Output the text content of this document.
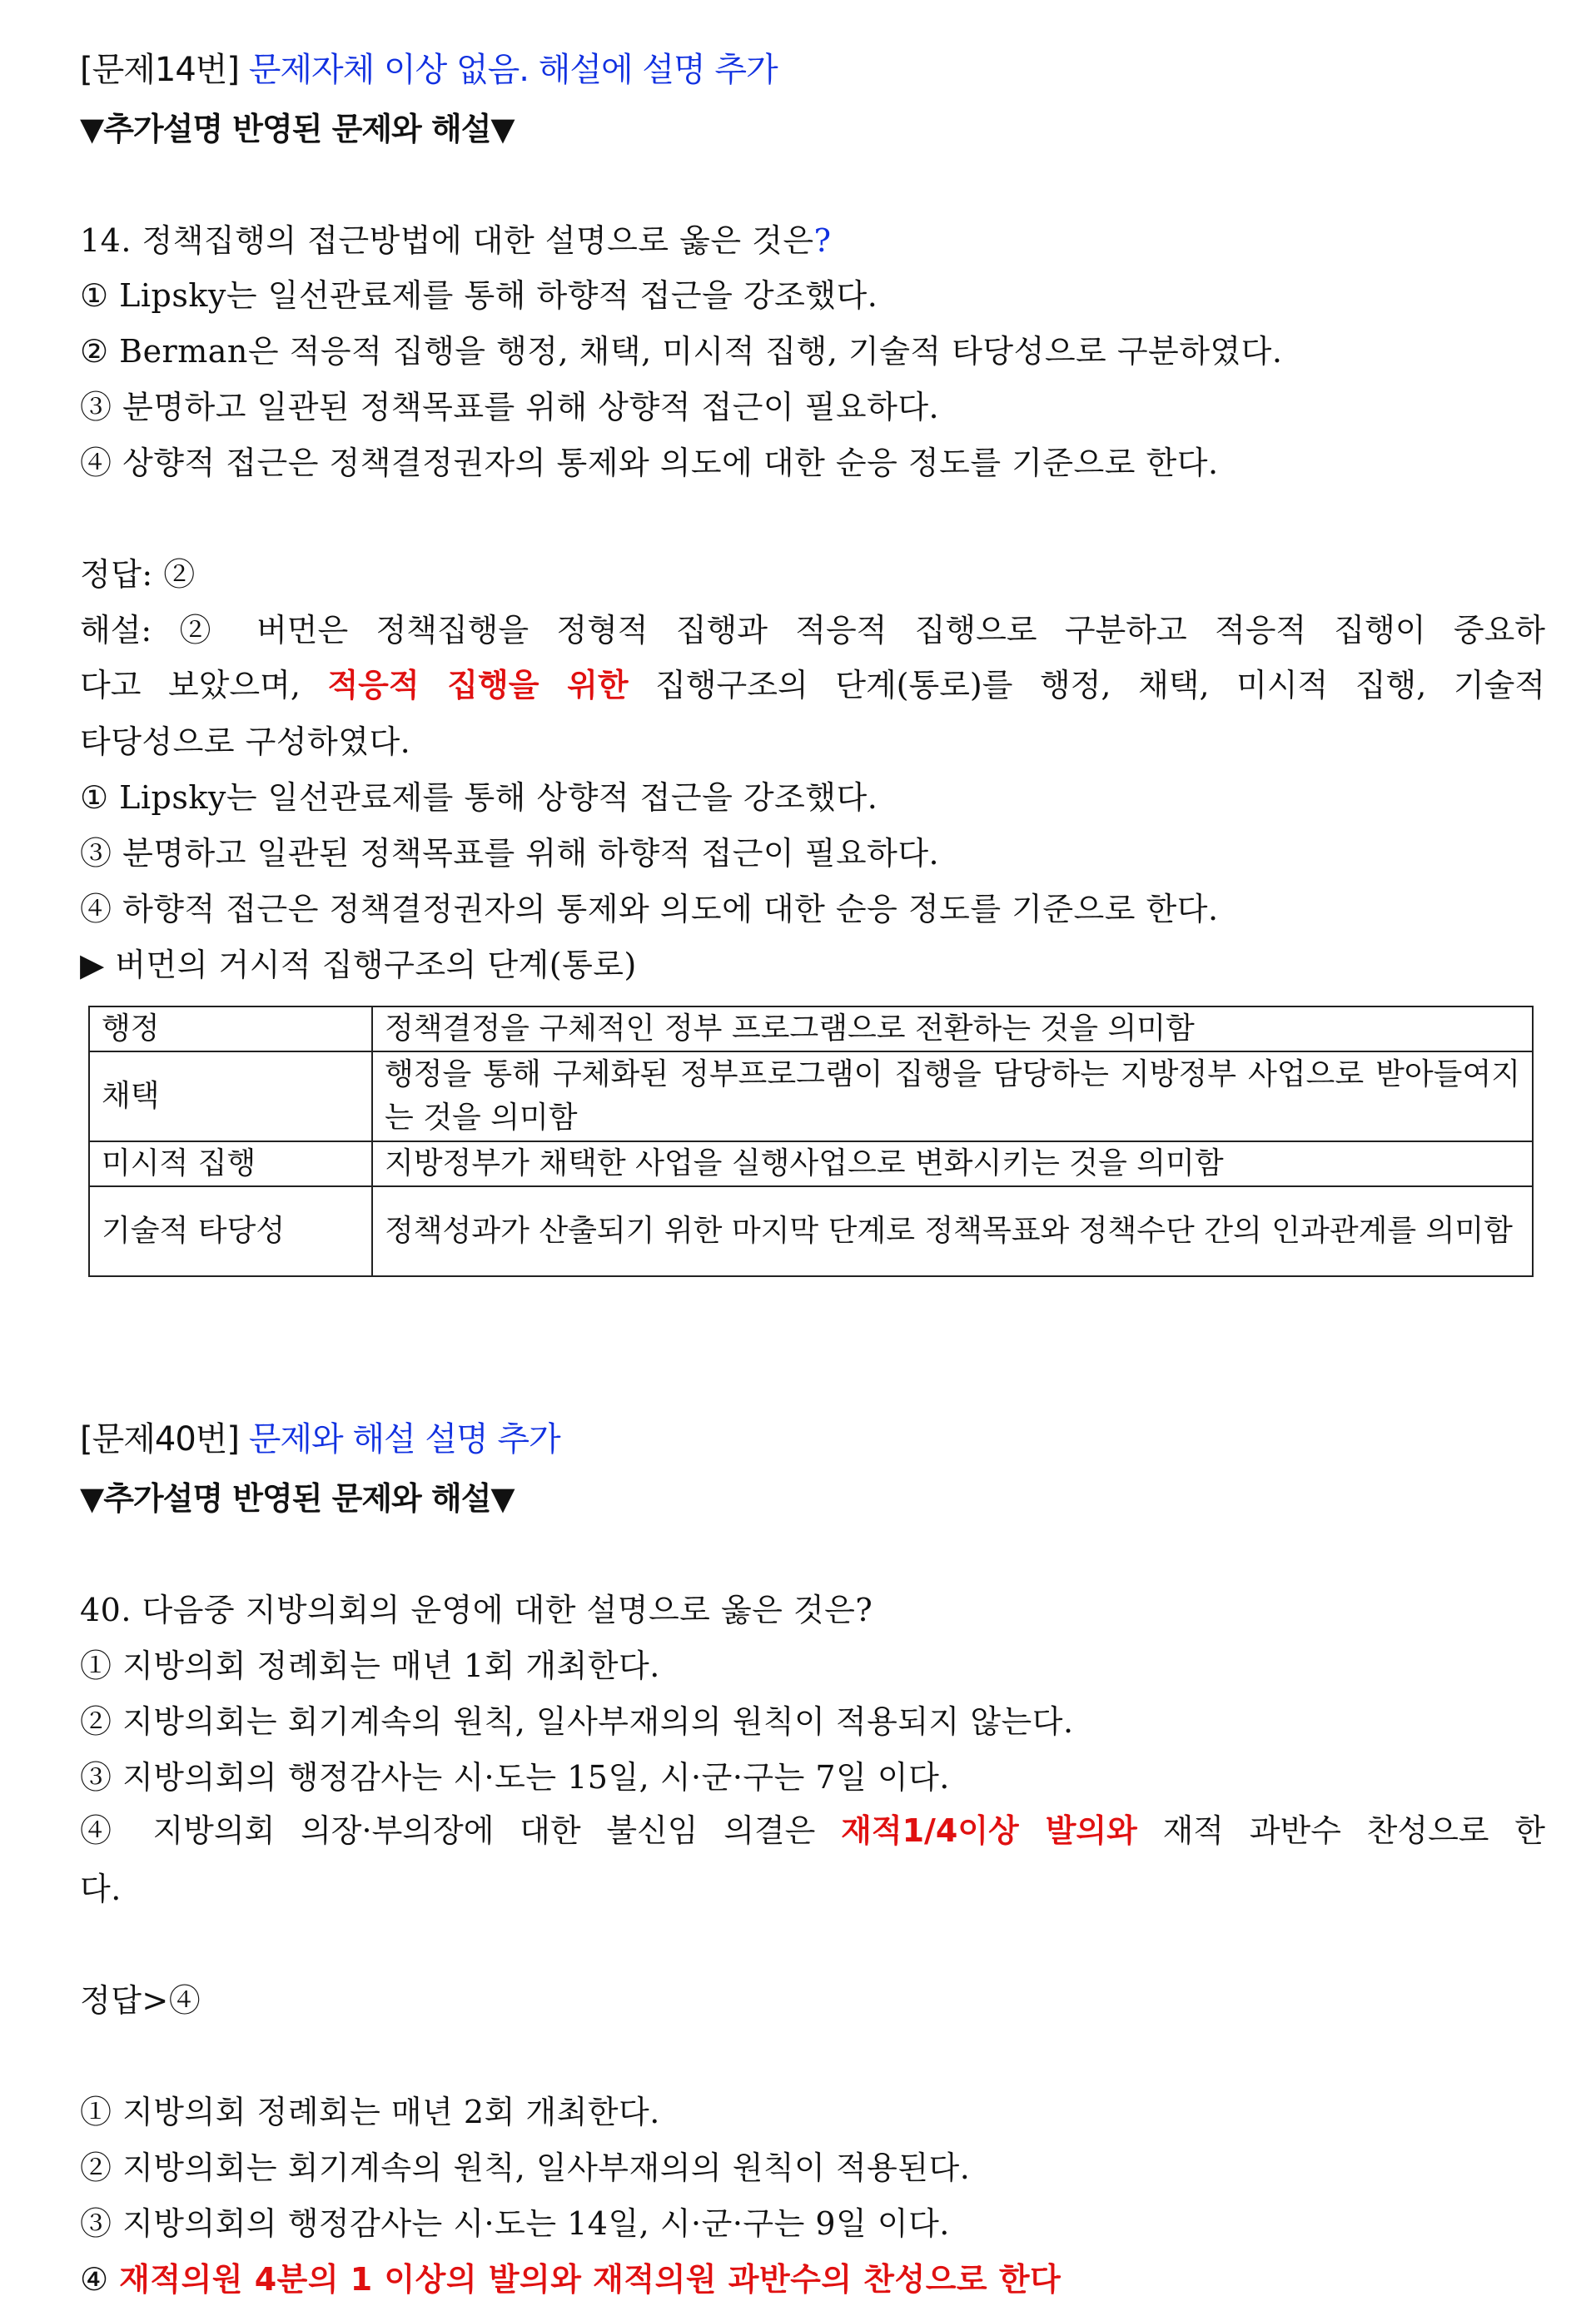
[문제14번] 문제자체 이상 없음. 해설에 설명 추가
▼추가설명 반영된 문제와 해설▼
14. 정책집행의 접근방법에 대한 설명으로 옳은 것은?
① Lipsky는 일선관료제를 통해 하향적 접근을 강조했다.
② Berman은 적응적 집행을 행정, 채택, 미시적 집행, 기술적 타당성으로 구분하였다.
③ 분명하고 일관된 정책목표를 위해 상향적 접근이 필요하다.
④ 상향적 접근은 정책결정권자의 통제와 의도에 대한 순응 정도를 기준으로 한다.
정답: ②
해설: ② 버먼은 정책집행을 정형적 집행과 적응적 집행으로 구분하고 적응적 집행이 중요하
다고 보았으며, 적응적 집행을 위한 집행구조의 단계(통로)를 행정, 채택, 미시적 집행, 기술적
타당성으로 구성하였다.
① Lipsky는 일선관료제를 통해 상향적 접근을 강조했다.
③ 분명하고 일관된 정책목표를 위해 하향적 접근이 필요하다.
④ 하향적 접근은 정책결정권자의 통제와 의도에 대한 순응 정도를 기준으로 한다.
▶ 버먼의 거시적 집행구조의 단계(통로)
행정	정책결정을 구체적인 정부 프로그램으로 전환하는 것을 의미함
채택	행정을 통해 구체화된 정부프로그램이 집행을 담당하는 지방정부 사업으로 받아들여지는 것을 의미함
미시적 집행	지방정부가 채택한 사업을 실행사업으로 변화시키는 것을 의미함
기술적 타당성	정책성과가 산출되기 위한 마지막 단계로 정책목표와 정책수단 간의 인과관계를 의미함
[문제40번] 문제와 해설 설명 추가
▼추가설명 반영된 문제와 해설▼
40. 다음중 지방의회의 운영에 대한 설명으로 옳은 것은?
① 지방의회 정례회는 매년 1회 개최한다.
② 지방의회는 회기계속의 원칙, 일사부재의의 원칙이 적용되지 않는다.
③ 지방의회의 행정감사는 시·도는 15일, 시·군·구는 7일 이다.
④ 지방의회 의장·부의장에 대한 불신임 의결은 재적1/4이상 발의와 재적 과반수 찬성으로 한
다.
정답>④
① 지방의회 정례회는 매년 2회 개최한다.
② 지방의회는 회기계속의 원칙, 일사부재의의 원칙이 적용된다.
③ 지방의회의 행정감사는 시·도는 14일, 시·군·구는 9일 이다.
④ 재적의원 4분의 1 이상의 발의와 재적의원 과반수의 찬성으로 한다
